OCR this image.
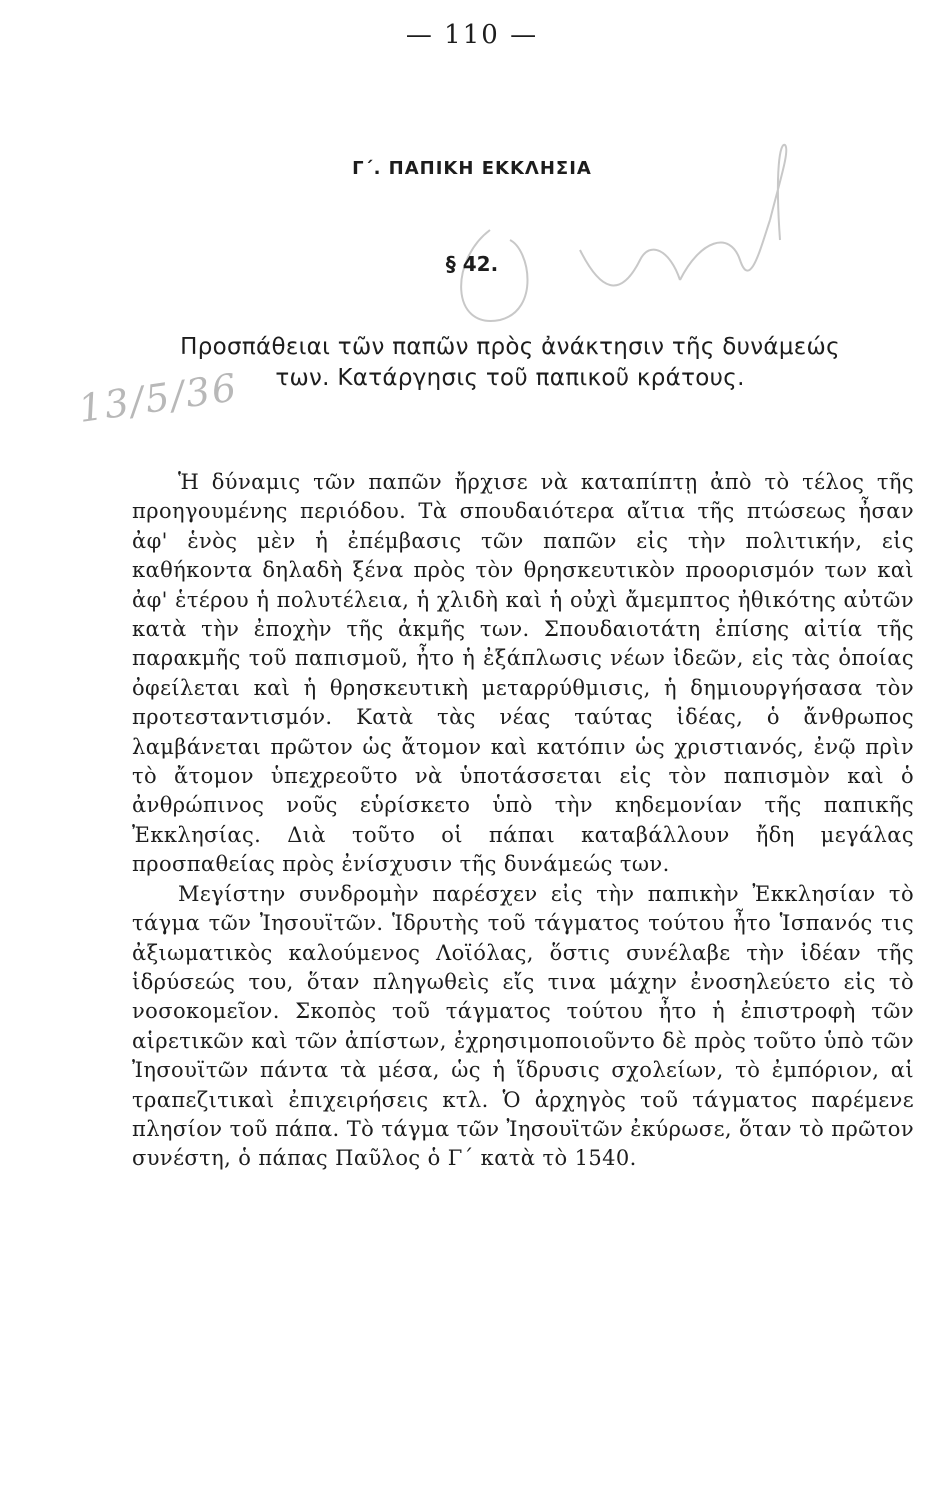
— 110 —
Γ΄. ΠΑΠΙΚΗ ΕΚΚΛΗΣΙΑ
§ 42.
Προσπάθειαι τῶν παπῶν πρὸς ἀνάκτησιν τῆς δυνάμεώς των. Κατάργησις τοῦ παπικοῦ κράτους.
13/5/36

Ἡ δύναμις τῶν παπῶν ἤρχισε νὰ καταπίπτῃ ἀπὸ τὸ τέλος τῆς προηγουμένης περιόδου. Τὰ σπουδαιότερα αἴτια τῆς πτώσεως ἦσαν ἀφ' ἑνὸς μὲν ἡ ἐπέμβασις τῶν παπῶν εἰς τὴν πολιτικήν, εἰς καθήκοντα δηλαδὴ ξένα πρὸς τὸν θρησκευτικὸν προορισμόν των καὶ ἀφ' ἑτέρου ἡ πολυτέλεια, ἡ χλιδὴ καὶ ἡ οὐχὶ ἄμεμπτος ἠθικότης αὐτῶν κατὰ τὴν ἐποχὴν τῆς ἀκμῆς των. Σπουδαιοτάτη ἐπίσης αἰτία τῆς παρακμῆς τοῦ παπισμοῦ, ἦτο ἡ ἐξάπλωσις νέων ἰδεῶν, εἰς τὰς ὁποίας ὀφείλεται καὶ ἡ θρησκευτικὴ μεταρρύθμισις, ἡ δημιουργήσασα τὸν προτεσταντισμόν. Κατὰ τὰς νέας ταύτας ἰδέας, ὁ ἄνθρωπος λαμβάνεται πρῶτον ὡς ἄτομον καὶ κατόπιν ὡς χριστιανός, ἐνῷ πρὶν τὸ ἄτομον ὑπεχρεοῦτο νὰ ὑποτάσσεται εἰς τὸν παπισμὸν καὶ ὁ ἀνθρώπινος νοῦς εὑρίσκετο ὑπὸ τὴν κηδεμονίαν τῆς παπικῆς Ἐκκλησίας. Διὰ τοῦτο οἱ πάπαι καταβάλλουν ἤδη μεγάλας προσπαθείας πρὸς ἐνίσχυσιν τῆς δυνάμεώς των.

Μεγίστην συνδρομὴν παρέσχεν εἰς τὴν παπικὴν Ἐκκλησίαν τὸ τάγμα τῶν Ἰησουϊτῶν. Ἱδρυτὴς τοῦ τάγματος τούτου ἦτο Ἱσπανός τις ἀξιωματικὸς καλούμενος Λοϊόλας, ὅστις συνέλαβε τὴν ἰδέαν τῆς ἱδρύσεώς του, ὅταν πληγωθεὶς εἴς τινα μάχην ἐνοσηλεύετο εἰς τὸ νοσοκομεῖον. Σκοπὸς τοῦ τάγματος τούτου ἦτο ἡ ἐπιστροφὴ τῶν αἱρετικῶν καὶ τῶν ἀπίστων, ἐχρησιμοποιοῦντο δὲ πρὸς τοῦτο ὑπὸ τῶν Ἰησουϊτῶν πάντα τὰ μέσα, ὡς ἡ ἵδρυσις σχολείων, τὸ ἐμπόριον, αἱ τραπεζιτικαὶ ἐπιχειρήσεις κτλ. Ὁ ἀρχηγὸς τοῦ τάγματος παρέμενε πλησίον τοῦ πάπα. Τὸ τάγμα τῶν Ἰησουϊτῶν ἐκύρωσε, ὅταν τὸ πρῶτον συνέστη, ὁ πάπας Παῦλος ὁ Γ΄ κατὰ τὸ 1540.
